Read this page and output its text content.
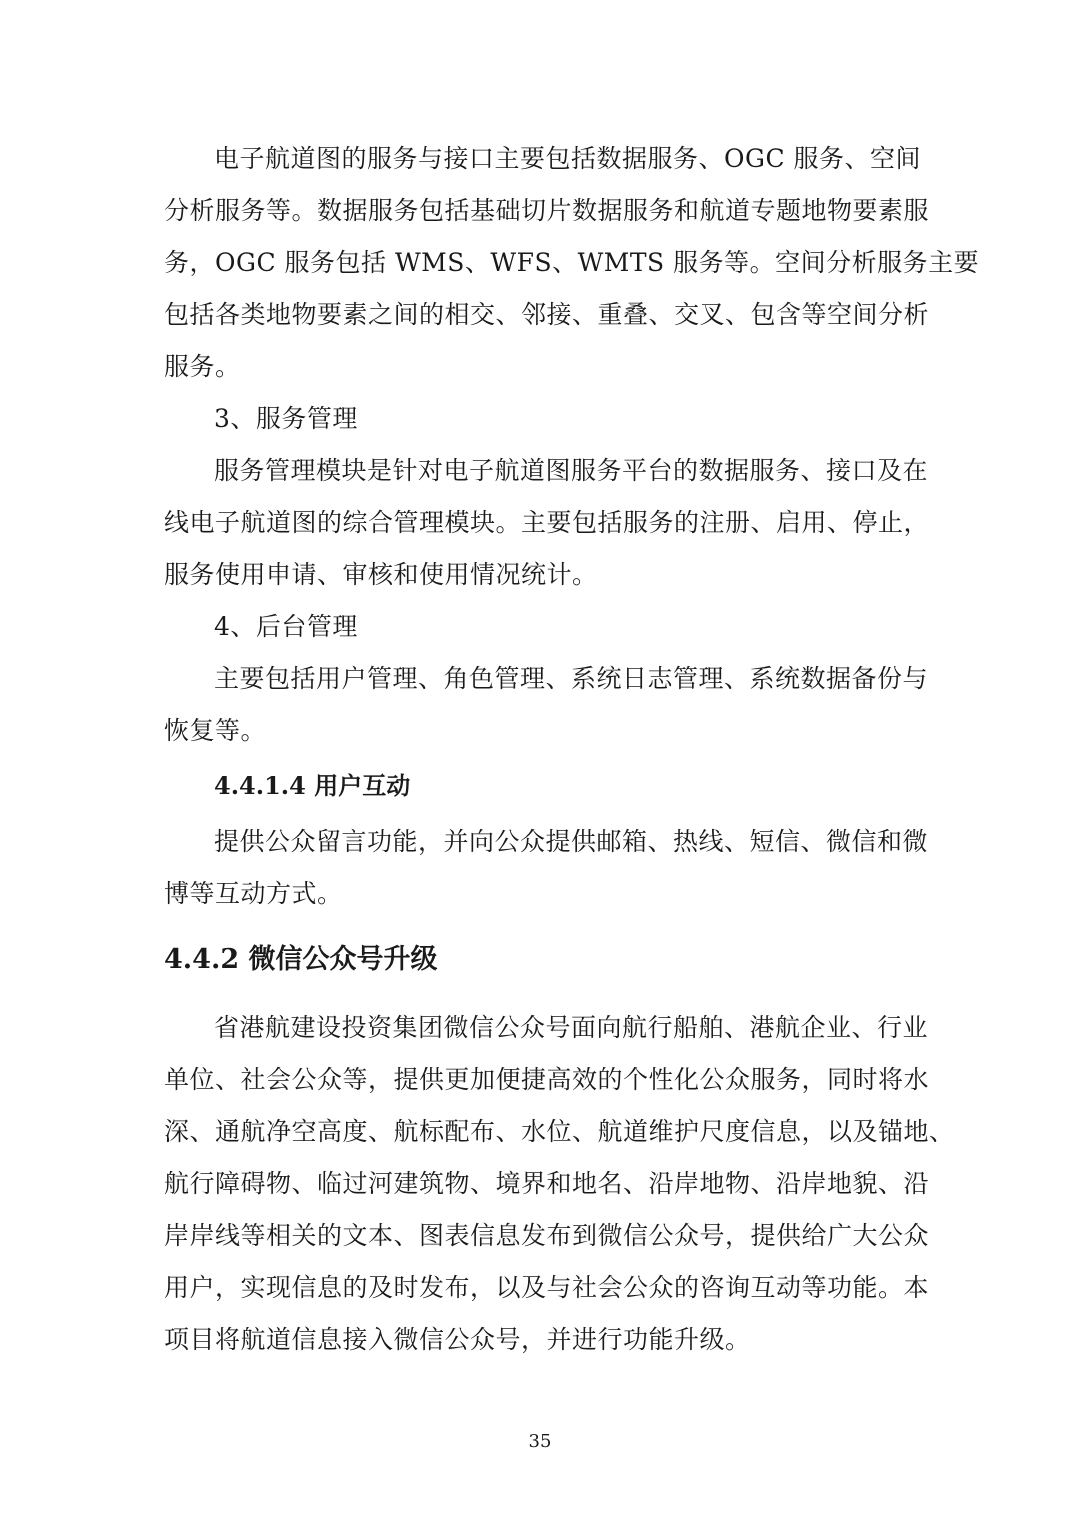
电子航道图的服务与接口主要包括数据服务、OGC 服务、空间
分析服务等。数据服务包括基础切片数据服务和航道专题地物要素服
务，OGC 服务包括 WMS、WFS、WMTS 服务等。空间分析服务主要
包括各类地物要素之间的相交、邻接、重叠、交叉、包含等空间分析
服务。
3、服务管理
服务管理模块是针对电子航道图服务平台的数据服务、接口及在
线电子航道图的综合管理模块。主要包括服务的注册、启用、停止，
服务使用申请、审核和使用情况统计。
4、后台管理
主要包括用户管理、角色管理、系统日志管理、系统数据备份与
恢复等。
4.4.1.4 用户互动
提供公众留言功能，并向公众提供邮箱、热线、短信、微信和微
博等互动方式。
4.4.2 微信公众号升级
省港航建设投资集团微信公众号面向航行船舶、港航企业、行业
单位、社会公众等，提供更加便捷高效的个性化公众服务，同时将水
深、通航净空高度、航标配布、水位、航道维护尺度信息，以及锚地、
航行障碍物、临过河建筑物、境界和地名、沿岸地物、沿岸地貌、沿
岸岸线等相关的文本、图表信息发布到微信公众号，提供给广大公众
用户，实现信息的及时发布，以及与社会公众的咨询互动等功能。本
项目将航道信息接入微信公众号，并进行功能升级。
35
